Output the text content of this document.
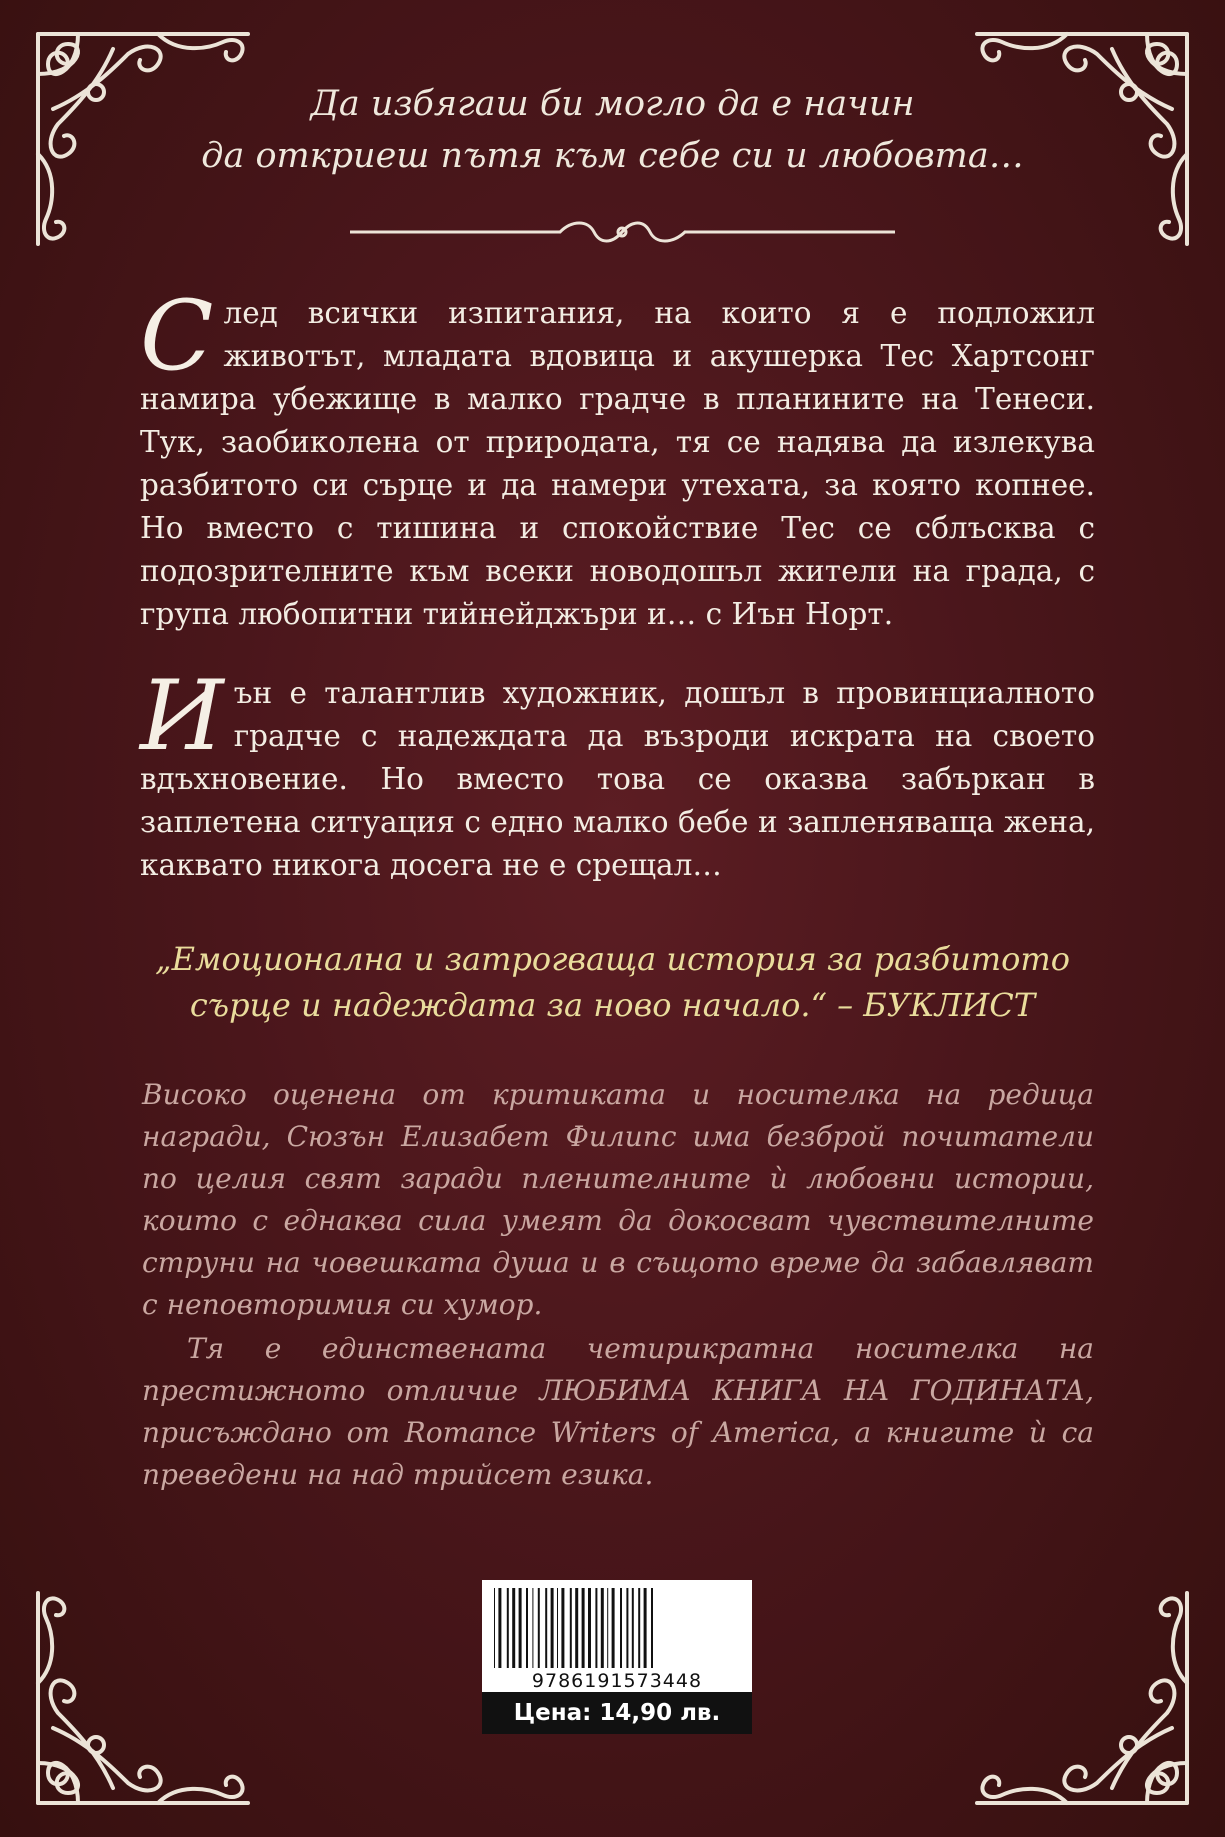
Да избягаш би могло да е начин
да откриеш пътя към себе си и любовта…
С лед всички изпитания, на които я е подложил животът, младата вдовица и акушерка Тес Хартсонг намира убежище в малко градче в планините на Тенеси. Тук, заобиколена от природата, тя се надява да излекува разбитото си сърце и да намери утехата, за която копнее. Но вместо с тишина и спокойствие Тес се сблъсква с подозрителните към всеки новодошъл жители на града, с група любопитни тийнейджъри и… с Иън Норт.
И ън е талантлив художник, дошъл в провинциалното градче с надеждата да възроди искрата на своето вдъхновение. Но вместо това се оказва забъркан в заплетена ситуация с едно малко бебе и запленяваща жена, каквато никога досега не е срещал…
„Емоционална и затрогваща история за разбитото
сърце и надеждата за ново начало.“ – БУКЛИСТ
Високо оценена от критиката и носителка на редица награди, Сюзън Елизабет Филипс има безброй почитатели по целия свят заради пленителните ѝ любовни истории, които с еднаква сила умеят да докосват чувствителните струни на човешката душа и в същото време да забавляват с неповторимия си хумор.
Тя е единствената четирикратна носителка на престижното отличие ЛЮБИМА КНИГА НА ГОДИНАТА, присъждано от Romance Writers of America, а книгите ѝ са преведени на над трийсет езика.
9786191573448
Цена: 14,90 лв.
